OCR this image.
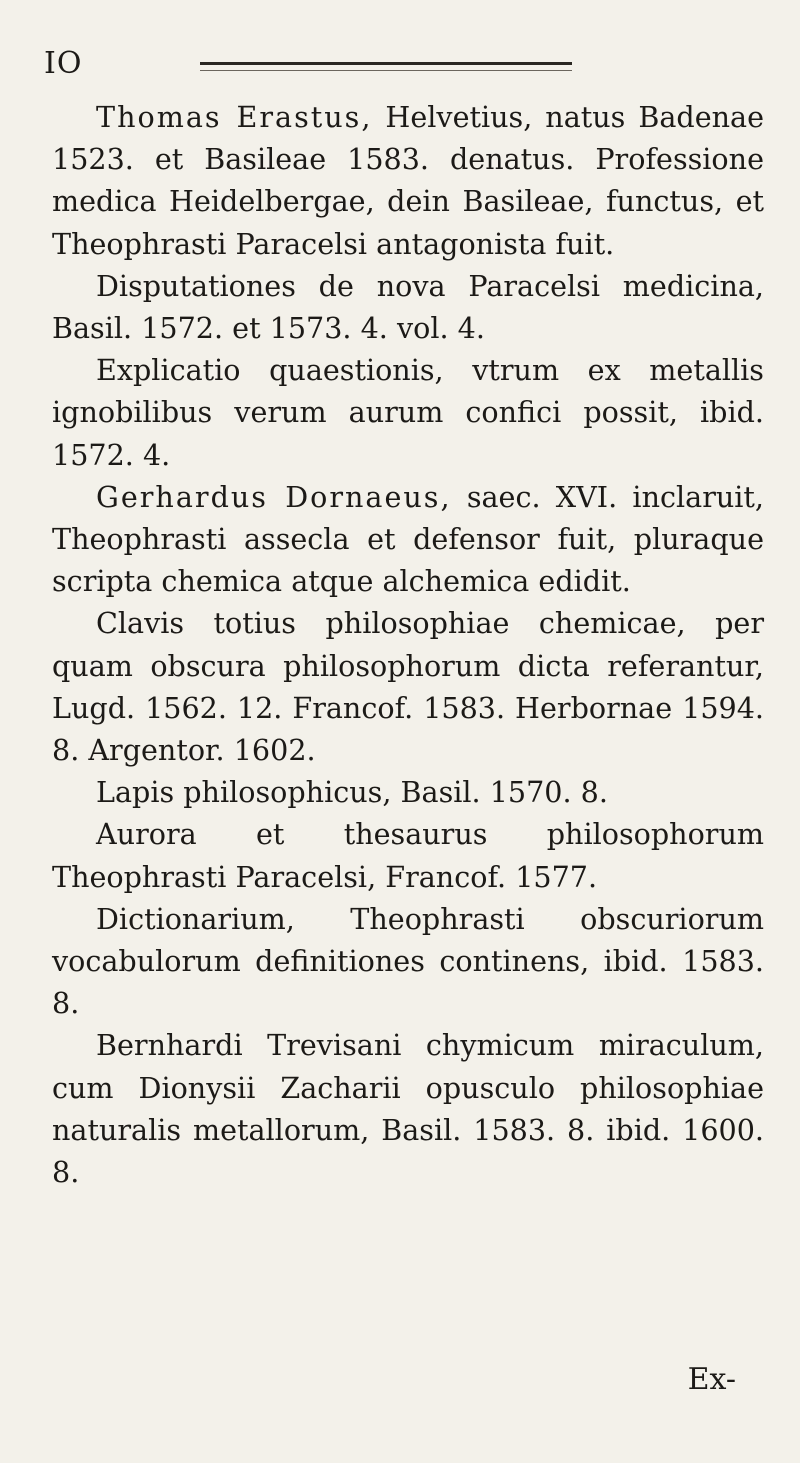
IO

Thomas Erastus, Helvetius, natus Badenae 1523. et Basileae 1583. denatus. Professione medica Heidelbergae, dein Basileae, functus, et Theophrasti Paracelsi antagonista fuit.

Disputationes de nova Paracelsi medicina, Basil. 1572. et 1573. 4. vol. 4.

Explicatio quaestionis, vtrum ex metallis ignobilibus verum aurum confici possit, ibid. 1572. 4.

Gerhardus Dornaeus, saec. XVI. inclaruit, Theophrasti assecla et defensor fuit, pluraque scripta chemica atque alchemica edidit.

Clavis totius philosophiae chemicae, per quam obscura philosophorum dicta referantur, Lugd. 1562. 12. Francof. 1583. Herbornae 1594. 8. Argentor. 1602.

Lapis philosophicus, Basil. 1570. 8.

Aurora et thesaurus philosophorum Theophrasti Paracelsi, Francof. 1577.

Dictionarium, Theophrasti obscuriorum vocabulorum definitiones continens, ibid. 1583. 8.

Bernhardi Trevisani chymicum miraculum, cum Dionysii Zacharii opusculo philosophiae naturalis metallorum, Basil. 1583. 8. ibid. 1600. 8.

Ex-
